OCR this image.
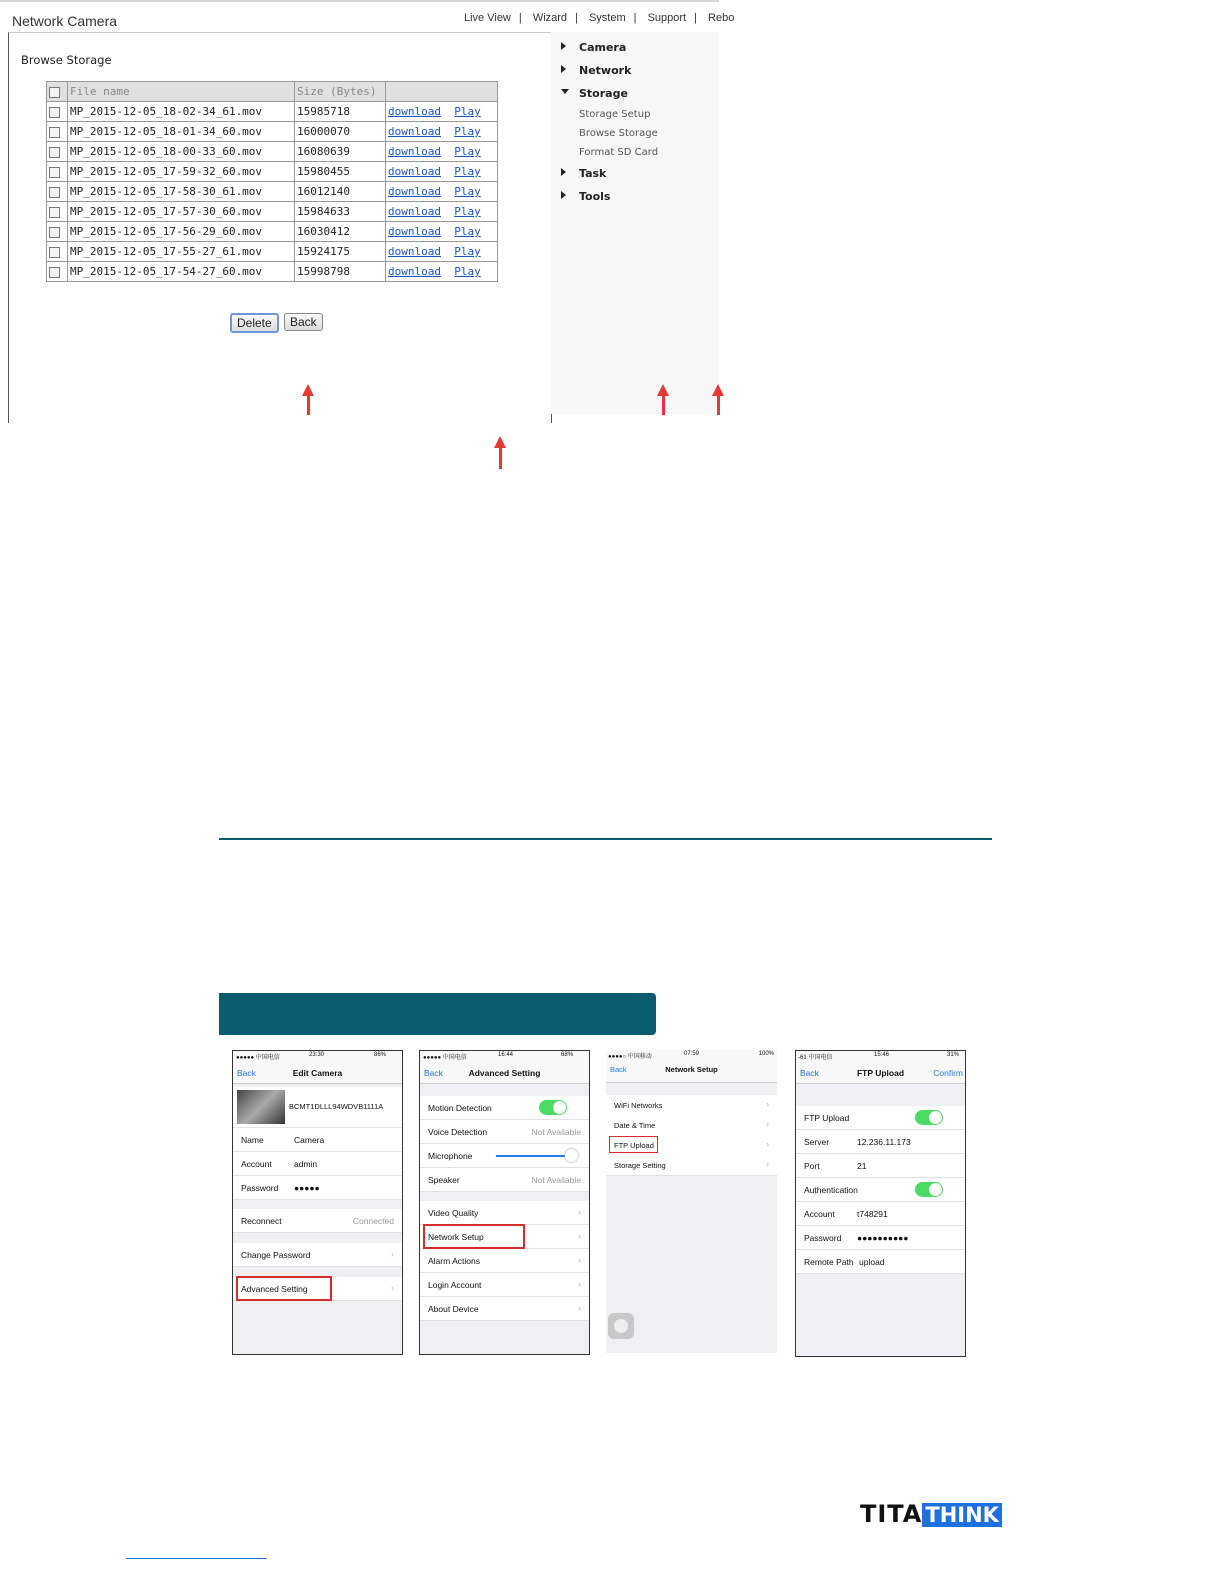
Network Camera	Live View | Wizard | System | Support | Rebo
Browse Storage
	File name	Size (Bytes)	
	MP_2015-12-05_18-02-34_61.mov	15985718	download Play
	MP_2015-12-05_18-01-34_60.mov	16000070	download Play
	MP_2015-12-05_18-00-33_60.mov	16080639	download Play
	MP_2015-12-05_17-59-32_60.mov	15980455	download Play
	MP_2015-12-05_17-58-30_61.mov	16012140	download Play
	MP_2015-12-05_17-57-30_60.mov	15984633	download Play
	MP_2015-12-05_17-56-29_60.mov	16030412	download Play
	MP_2015-12-05_17-55-27_61.mov	15924175	download Play
	MP_2015-12-05_17-54-27_60.mov	15998798	download Play
Delete	Back
Camera
Network
Storage
Storage Setup
Browse Storage
Format SD Card
Task
Tools
●●●●● 中国电信	23:30	86%
Back	Edit Camera
BCMT1DLLL94WDVB1111A
Name	Camera
Account	admin
Password ●●●●●
Reconnect	Connected
Change Password	›
Advanced Setting	›
●●●●● 中国电信	16:44	68%
Back	Advanced Setting
Motion Detection
Voice Detection	Not Available
Microphone
Speaker	Not Available
Video Quality	›
Network Setup	›
Alarm Actions	›
Login Account	›
About Device	›
●●●●○ 中国移动	07:59	100%
Back	Network Setup
WiFi Networks	›
Date & Time	›
FTP Upload	›
Storage Setting	›
-61 中国电信	15:46	31%
Back	FTP Upload	Confirm
FTP Upload
Server	12.236.11.173
Port	21
Authentication
Account	t748291
Password ●●●●●●●●●●
Remote Path upload
TITA THINK
